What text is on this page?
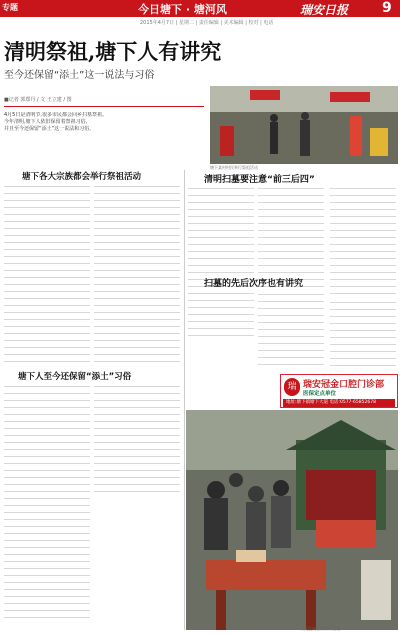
专题	今日塘下 · 塘河风	瑞安日报 9
2015年4月7日 | 星期二 | 责任编辑 | 美术编辑 | 校对 | 电话
清明祭祖,塘下人有讲究
至今还保留“添土”这一说法与习俗
■记者 郭郑丹 / 文 王立建 / 图
4月5日是清明节,很多市民都会回乡扫墓祭祖。
今年清明,塘下人依旧保留着祭祖习俗,
并且至今还保留“添土”这一说法和习俗。
塘下某村村民举行祭祖活动
塘下各大宗族都会举行祭祖活动
塘下人至今还保留“添土”习俗
清明扫墓要注意“前三后四”
扫墓的先后次序也有讲究
瑞 瑞安冠金口腔门诊部
医保定点单位
地址:塘下镇塘下大道 电话:0577-65852678
村民在祠堂前祭拜祖先
